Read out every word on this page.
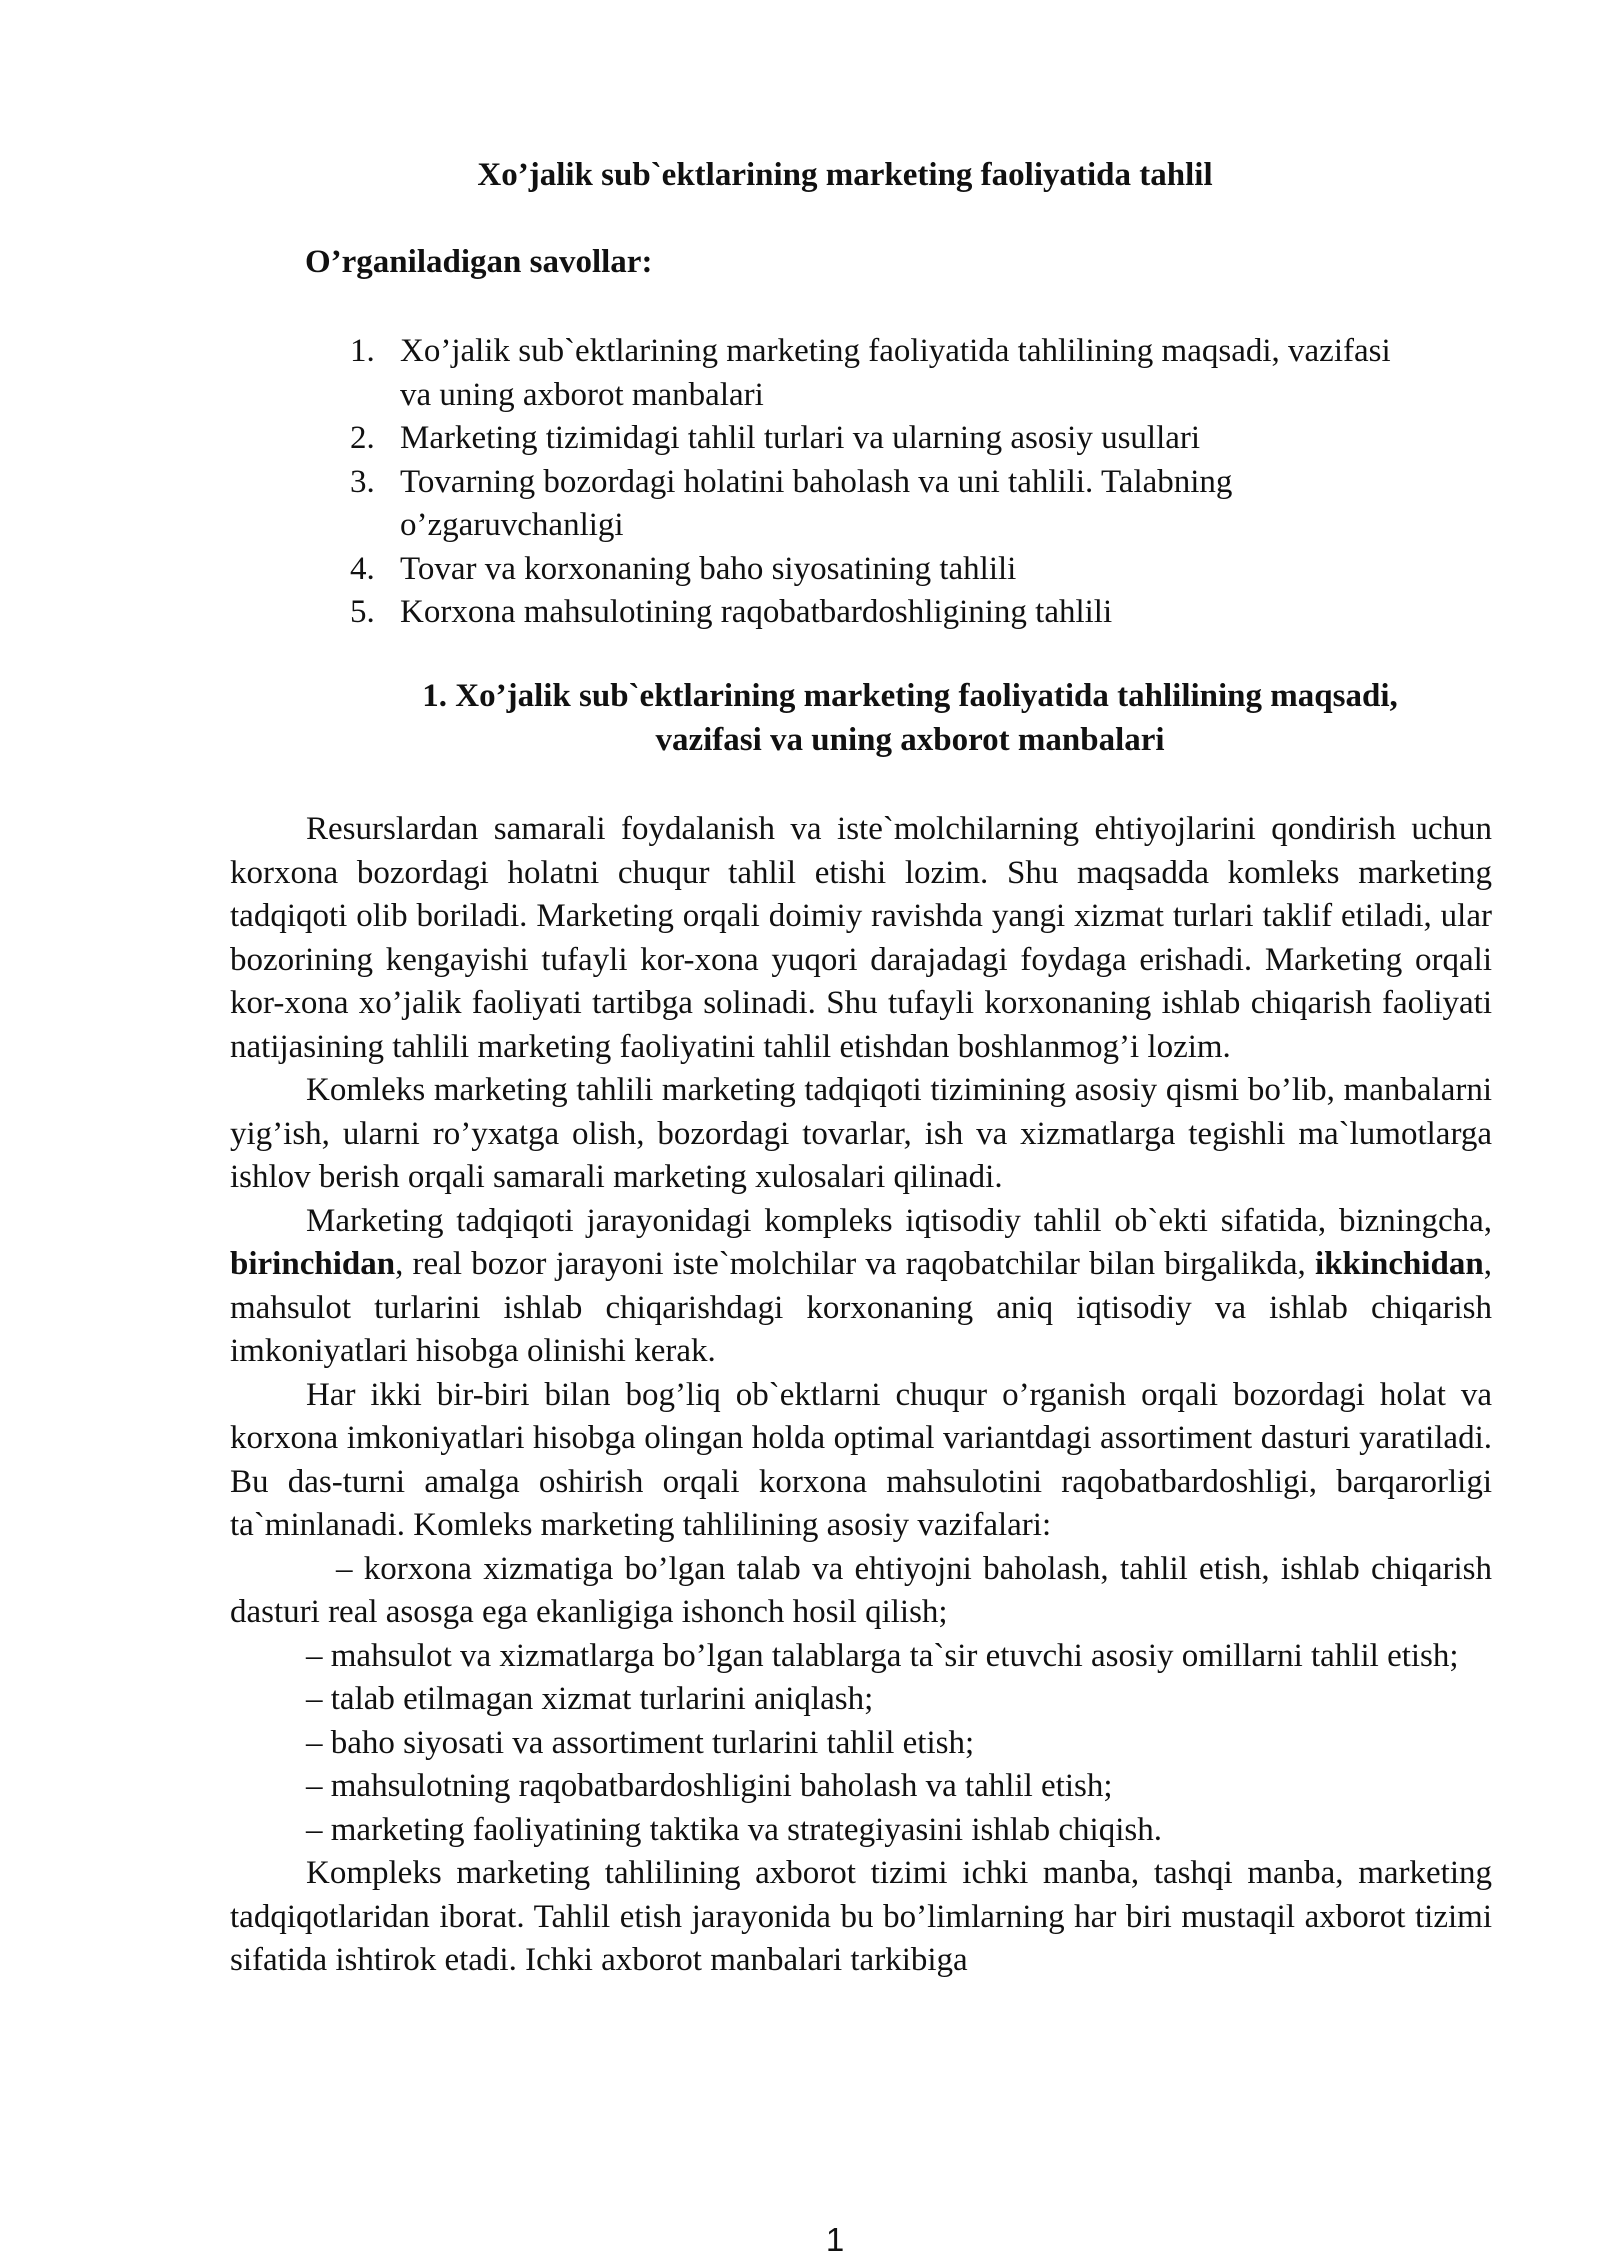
Xo’jalik sub`ektlarining marketing faoliyatida tahlil
O’rganiladigan savollar:
1. Xo’jalik sub`ektlarining marketing faoliyatida tahlilining maqsadi, vazifasi va uning axborot manbalari
2. Marketing tizimidagi tahlil turlari va ularning asosiy usullari
3. Tovarning bozordagi holatini baholash va uni tahlili. Talabning o’zgaruvchanligi
4. Tovar va korxonaning baho siyosatining tahlili
5. Korxona mahsulotining raqobatbardoshligining tahlili
1. Xo’jalik sub`ektlarining marketing faoliyatida tahlilining maqsadi,
vazifasi va uning axborot manbalari

Resurslardan samarali foydalanish va iste`molchilarning ehtiyojlarini qondirish uchun korxona bozordagi holatni chuqur tahlil etishi lozim. Shu maqsadda komleks marketing tadqiqoti olib boriladi. Marketing orqali doimiy ravishda yangi xizmat turlari taklif etiladi, ular bozorining kengayishi tufayli kor-xona yuqori darajadagi foydaga erishadi. Marketing orqali kor-xona xo’jalik faoliyati tartibga solinadi. Shu tufayli korxonaning ishlab chiqarish faoliyati natijasining tahlili marketing faoliyatini tahlil etishdan boshlanmog’i lozim.

Komleks marketing tahlili marketing tadqiqoti tizimining asosiy qismi bo’lib, manbalarni yig’ish, ularni ro’yxatga olish, bozordagi tovarlar, ish va xizmatlarga tegishli ma`lumotlarga ishlov berish orqali samarali marketing xulosalari qilinadi.

Marketing tadqiqoti jarayonidagi kompleks iqtisodiy tahlil ob`ekti sifatida, bizningcha, birinchidan, real bozor jarayoni iste`molchilar va raqobatchilar bilan birgalikda, ikkinchidan, mahsulot turlarini ishlab chiqarishdagi korxonaning aniq iqtisodiy va ishlab chiqarish imkoniyatlari hisobga olinishi kerak.

Har ikki bir-biri bilan bog’liq ob`ektlarni chuqur o’rganish orqali bozordagi holat va korxona imkoniyatlari hisobga olingan holda optimal variantdagi assortiment dasturi yaratiladi. Bu das-turni amalga oshirish orqali korxona mahsulotini raqobatbardoshligi, barqarorligi ta`minlanadi. Komleks marketing tahlilining asosiy vazifalari:

– korxona xizmatiga bo’lgan talab va ehtiyojni baholash, tahlil etish, ishlab chiqarish dasturi real asosga ega ekanligiga ishonch hosil qilish;

– mahsulot va xizmatlarga bo’lgan talablarga ta`sir etuvchi asosiy omillarni tahlil etish;

– talab etilmagan xizmat turlarini aniqlash;

– baho siyosati va assortiment turlarini tahlil etish;

– mahsulotning raqobatbardoshligini baholash va tahlil etish;

– marketing faoliyatining taktika va strategiyasini ishlab chiqish.

Kompleks marketing tahlilining axborot tizimi ichki manba, tashqi manba, marketing tadqiqotlaridan iborat. Tahlil etish jarayonida bu bo’limlarning har biri mustaqil axborot tizimi sifatida ishtirok etadi. Ichki axborot manbalari tarkibiga

1
